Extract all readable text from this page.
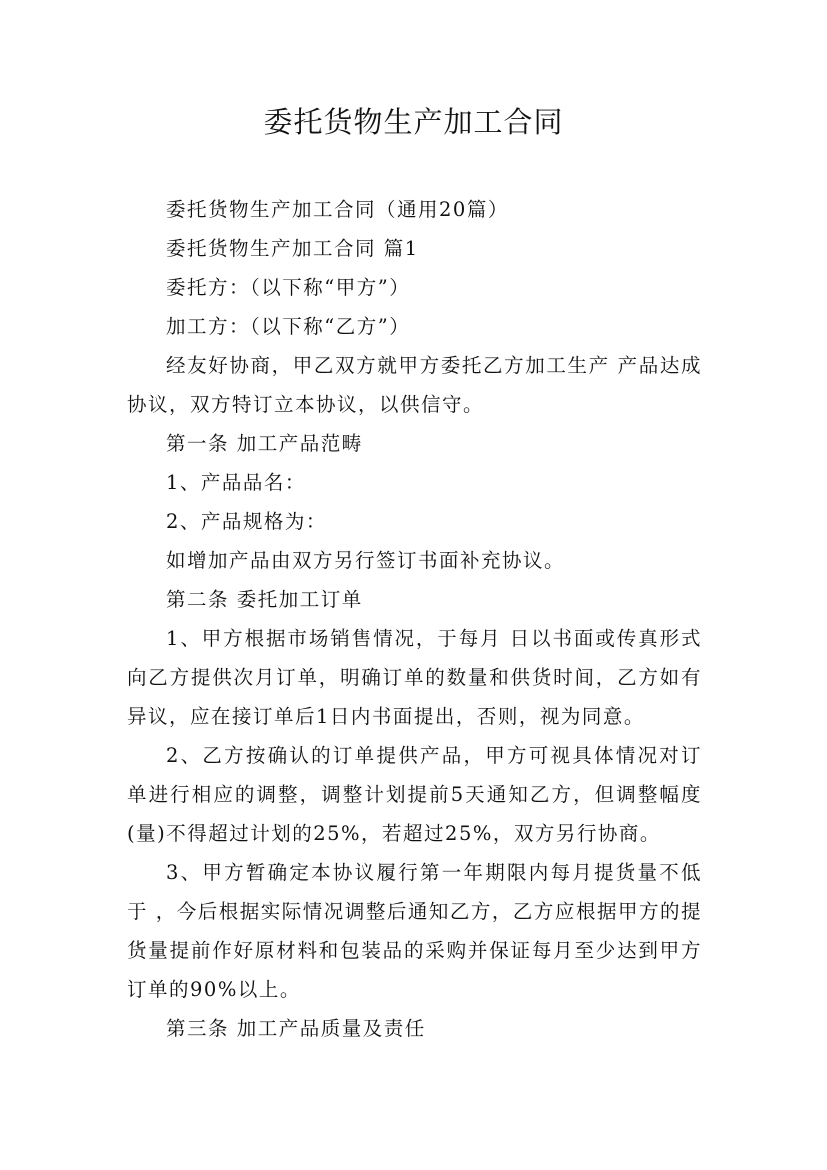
委托货物生产加工合同

委托货物生产加工合同（通用20篇）

委托货物生产加工合同 篇1

委托方：（以下称“甲方”）

加工方：（以下称“乙方”）

经友好协商，甲乙双方就甲方委托乙方加工生产 产品达成协议，双方特订立本协议，以供信守。

第一条 加工产品范畴

1、产品品名：

2、产品规格为：

如增加产品由双方另行签订书面补充协议。

第二条 委托加工订单

1、甲方根据市场销售情况，于每月 日以书面或传真形式向乙方提供次月订单，明确订单的数量和供货时间，乙方如有异议，应在接订单后1日内书面提出，否则，视为同意。

2、乙方按确认的订单提供产品，甲方可视具体情况对订单进行相应的调整，调整计划提前5天通知乙方，但调整幅度(量)不得超过计划的25%，若超过25%，双方另行协商。

3、甲方暂确定本协议履行第一年期限内每月提货量不低于 ，今后根据实际情况调整后通知乙方，乙方应根据甲方的提货量提前作好原材料和包装品的采购并保证每月至少达到甲方订单的90%以上。

第三条 加工产品质量及责任
